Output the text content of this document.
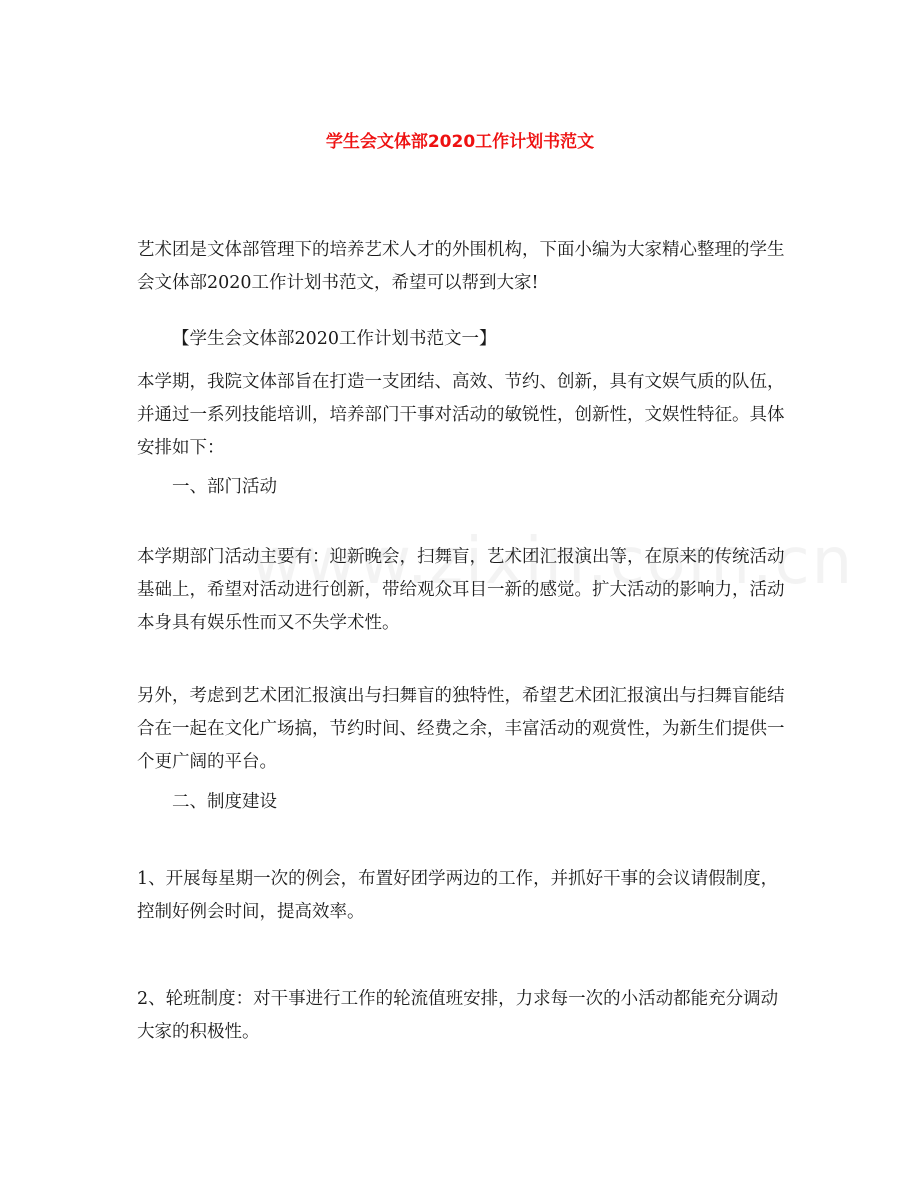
学生会文体部2020工作计划书范文

艺术团是文体部管理下的培养艺术人才的外围机构，下面小编为大家精心整理的学生会文体部2020工作计划书范文，希望可以帮到大家!

【学生会文体部2020工作计划书范文一】

本学期，我院文体部旨在打造一支团结、高效、节约、创新，具有文娱气质的队伍，并通过一系列技能培训，培养部门干事对活动的敏锐性，创新性，文娱性特征。具体安排如下：

一、部门活动

本学期部门活动主要有：迎新晚会，扫舞盲，艺术团汇报演出等，在原来的传统活动基础上，希望对活动进行创新，带给观众耳目一新的感觉。扩大活动的影响力，活动本身具有娱乐性而又不失学术性。

另外，考虑到艺术团汇报演出与扫舞盲的独特性，希望艺术团汇报演出与扫舞盲能结合在一起在文化广场搞，节约时间、经费之余，丰富活动的观赏性，为新生们提供一个更广阔的平台。

二、制度建设

1、开展每星期一次的例会，布置好团学两边的工作，并抓好干事的会议请假制度，控制好例会时间，提高效率。

2、轮班制度：对干事进行工作的轮流值班安排，力求每一次的小活动都能充分调动大家的积极性。
